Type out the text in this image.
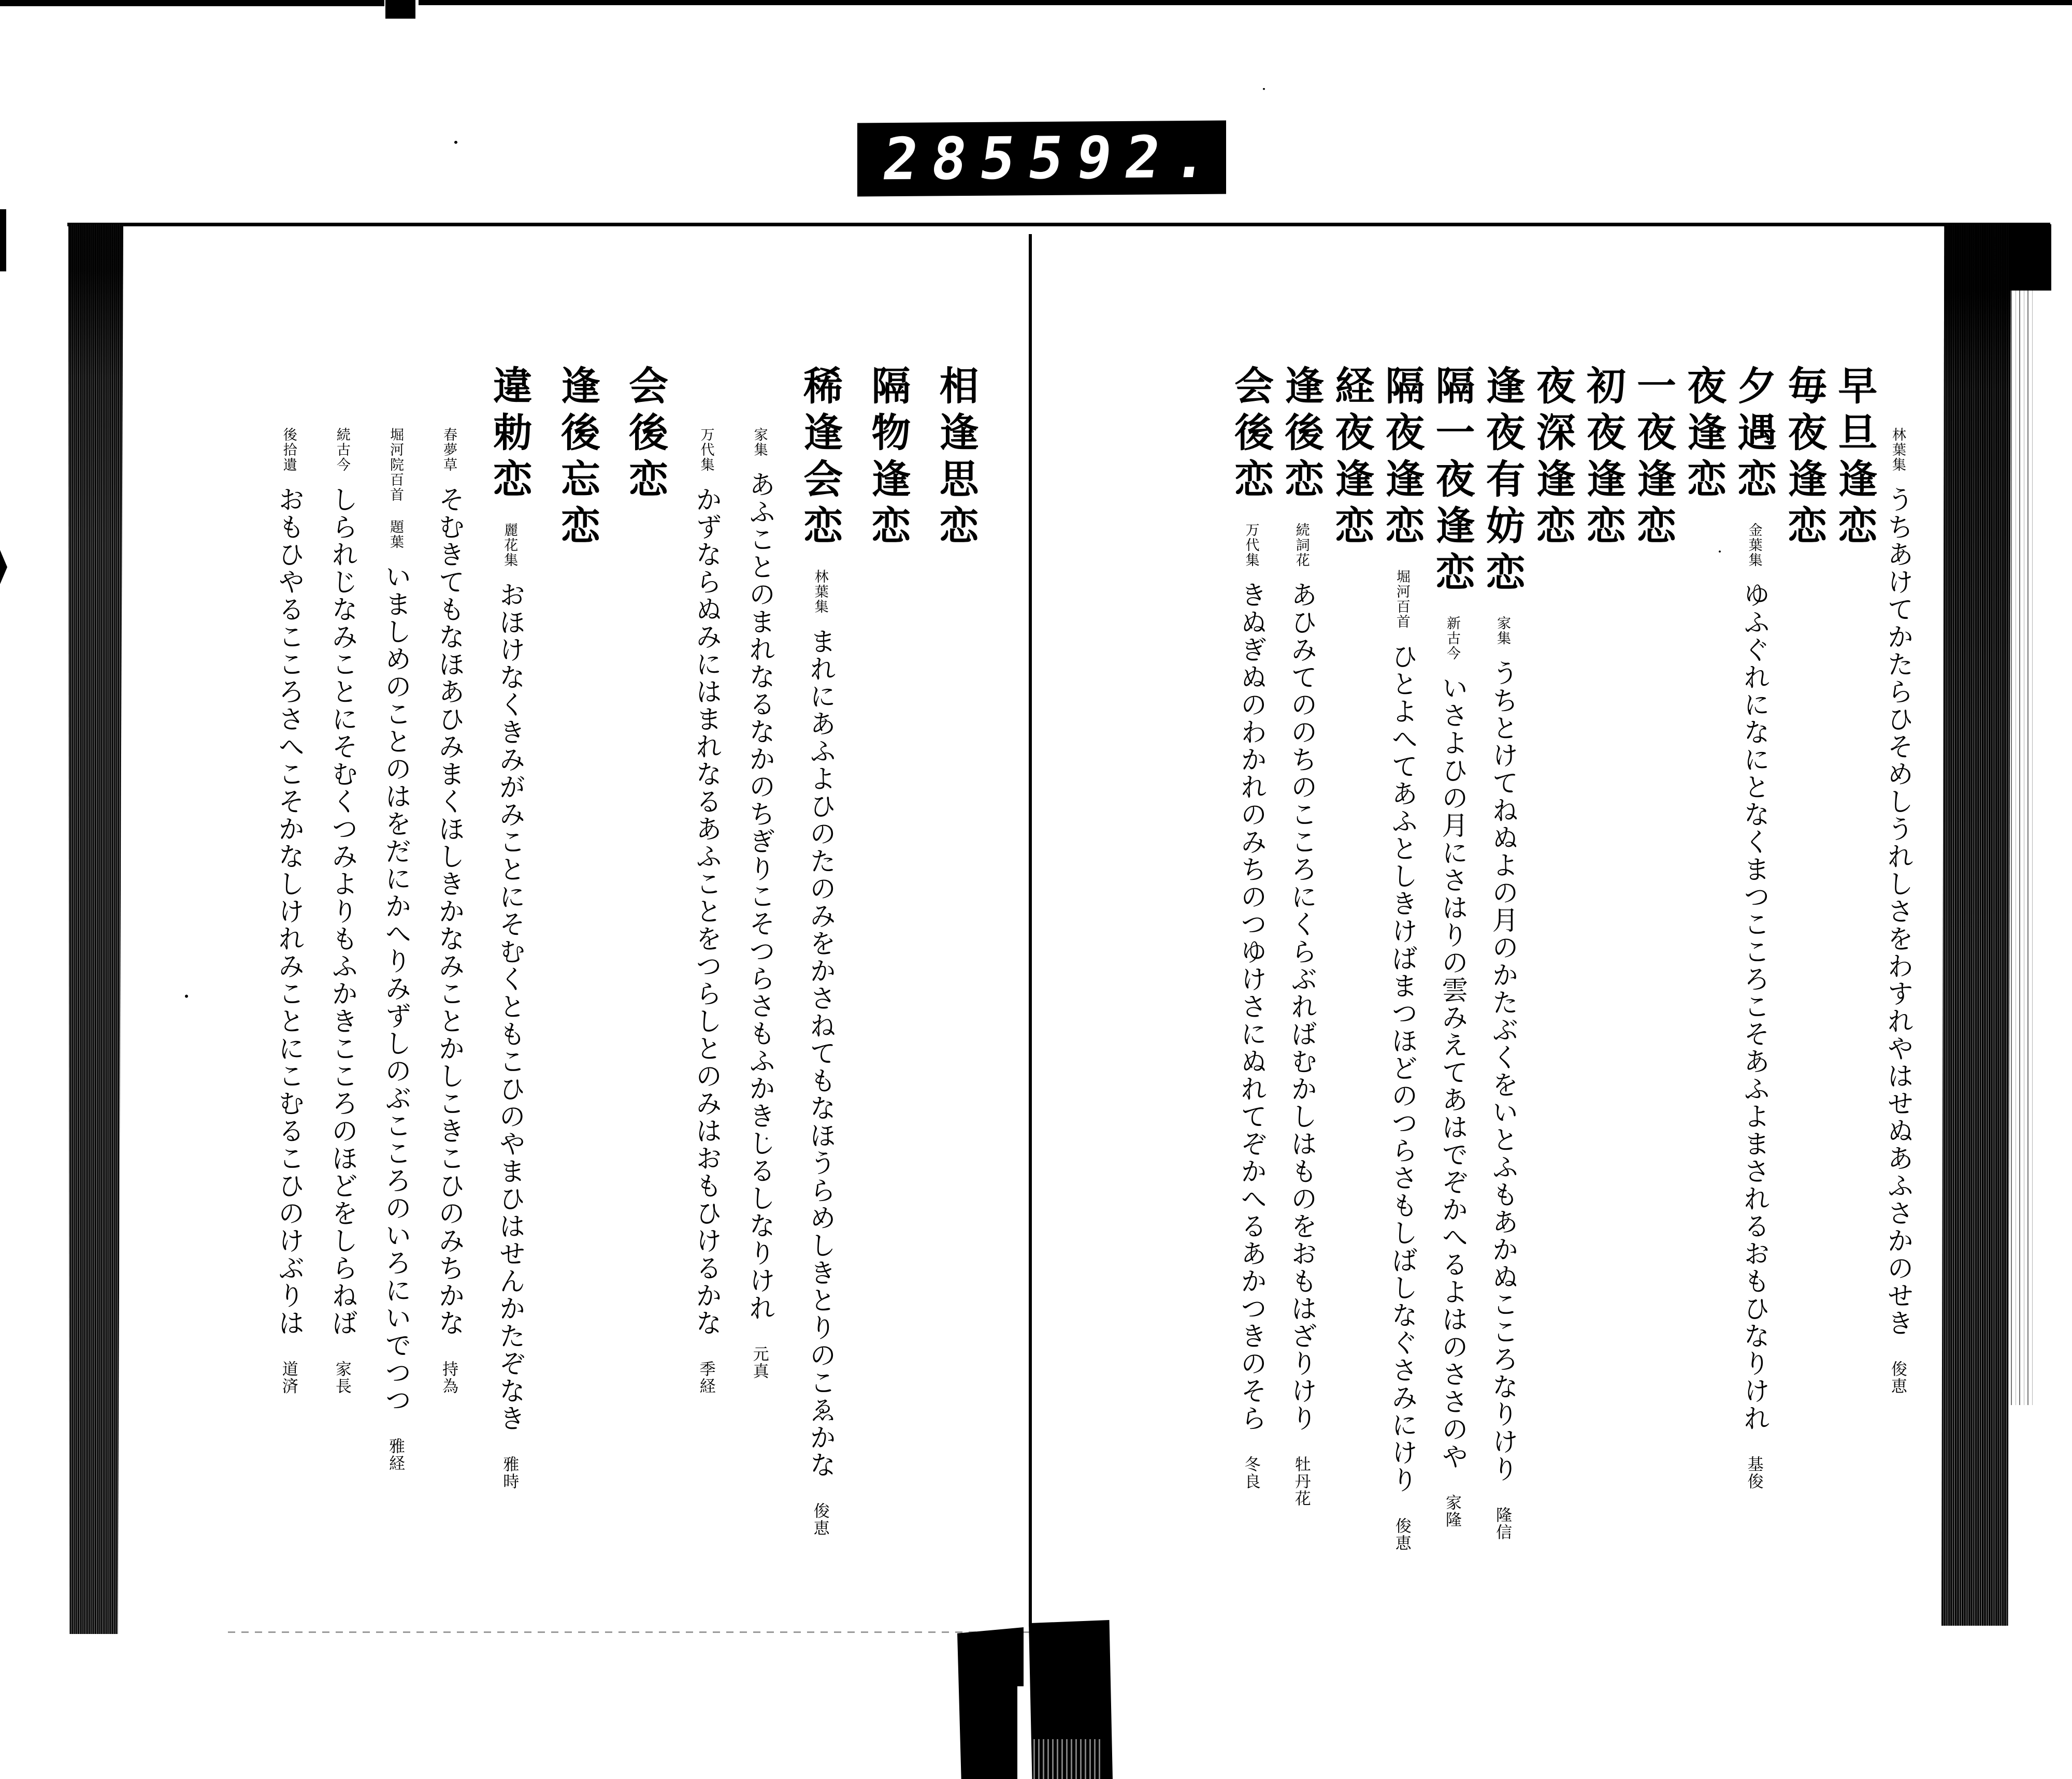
285
592.
林葉集うちあけてかたらひそめしうれしさをわすれやはせぬあふさかのせき俊恵
早旦逢恋
毎夜逢恋
夕遇恋金葉集ゆふぐれになにとなくまつこころこそあふよまされるおもひなりけれ基俊
夜逢恋
一夜逢恋
初夜逢恋
夜深逢恋
逢夜有妨恋家集うちとけてねぬよの月のかたぶくをいとふもあかぬこころなりけり隆信
隔一夜逢恋新古今いさよひの月にさはりの雲みえてあはでぞかへるよはのささのや家隆
隔夜逢恋堀河百首ひとよへてあふとしきけばまつほどのつらさもしばしなぐさみにけり俊恵
経夜逢恋
逢後恋続詞花あひみてののちのこころにくらぶればむかしはものをおもはざりけり牡丹花
会後恋万代集きぬぎぬのわかれのみちのつゆけさにぬれてぞかへるあかつきのそら冬良
相逢思恋
隔物逢恋
稀逢会恋林葉集まれにあふよひのたのみをかさねてもなほうらめしきとりのこゑかな俊恵
家集あふことのまれなるなかのちぎりこそつらさもふかきしるしなりけれ元真
万代集かずならぬみにはまれなるあふことをつらしとのみはおもひけるかな季経
会後恋
逢後忘恋
違勅恋麗花集おほけなくきみがみことにそむくともこひのやまひはせんかたぞなき雅時
春夢草そむきてもなほあひみまくほしきかなみことかしこきこひのみちかな持為
堀河院百首 題葉いましめのことのはをだにかへりみずしのぶこころのいろにいでつつ雅経
続古今しられじなみことにそむくつみよりもふかきこころのほどをしらねば家長
後拾遺おもひやるこころさへこそかなしけれみことにこむるこひのけぶりは道済
